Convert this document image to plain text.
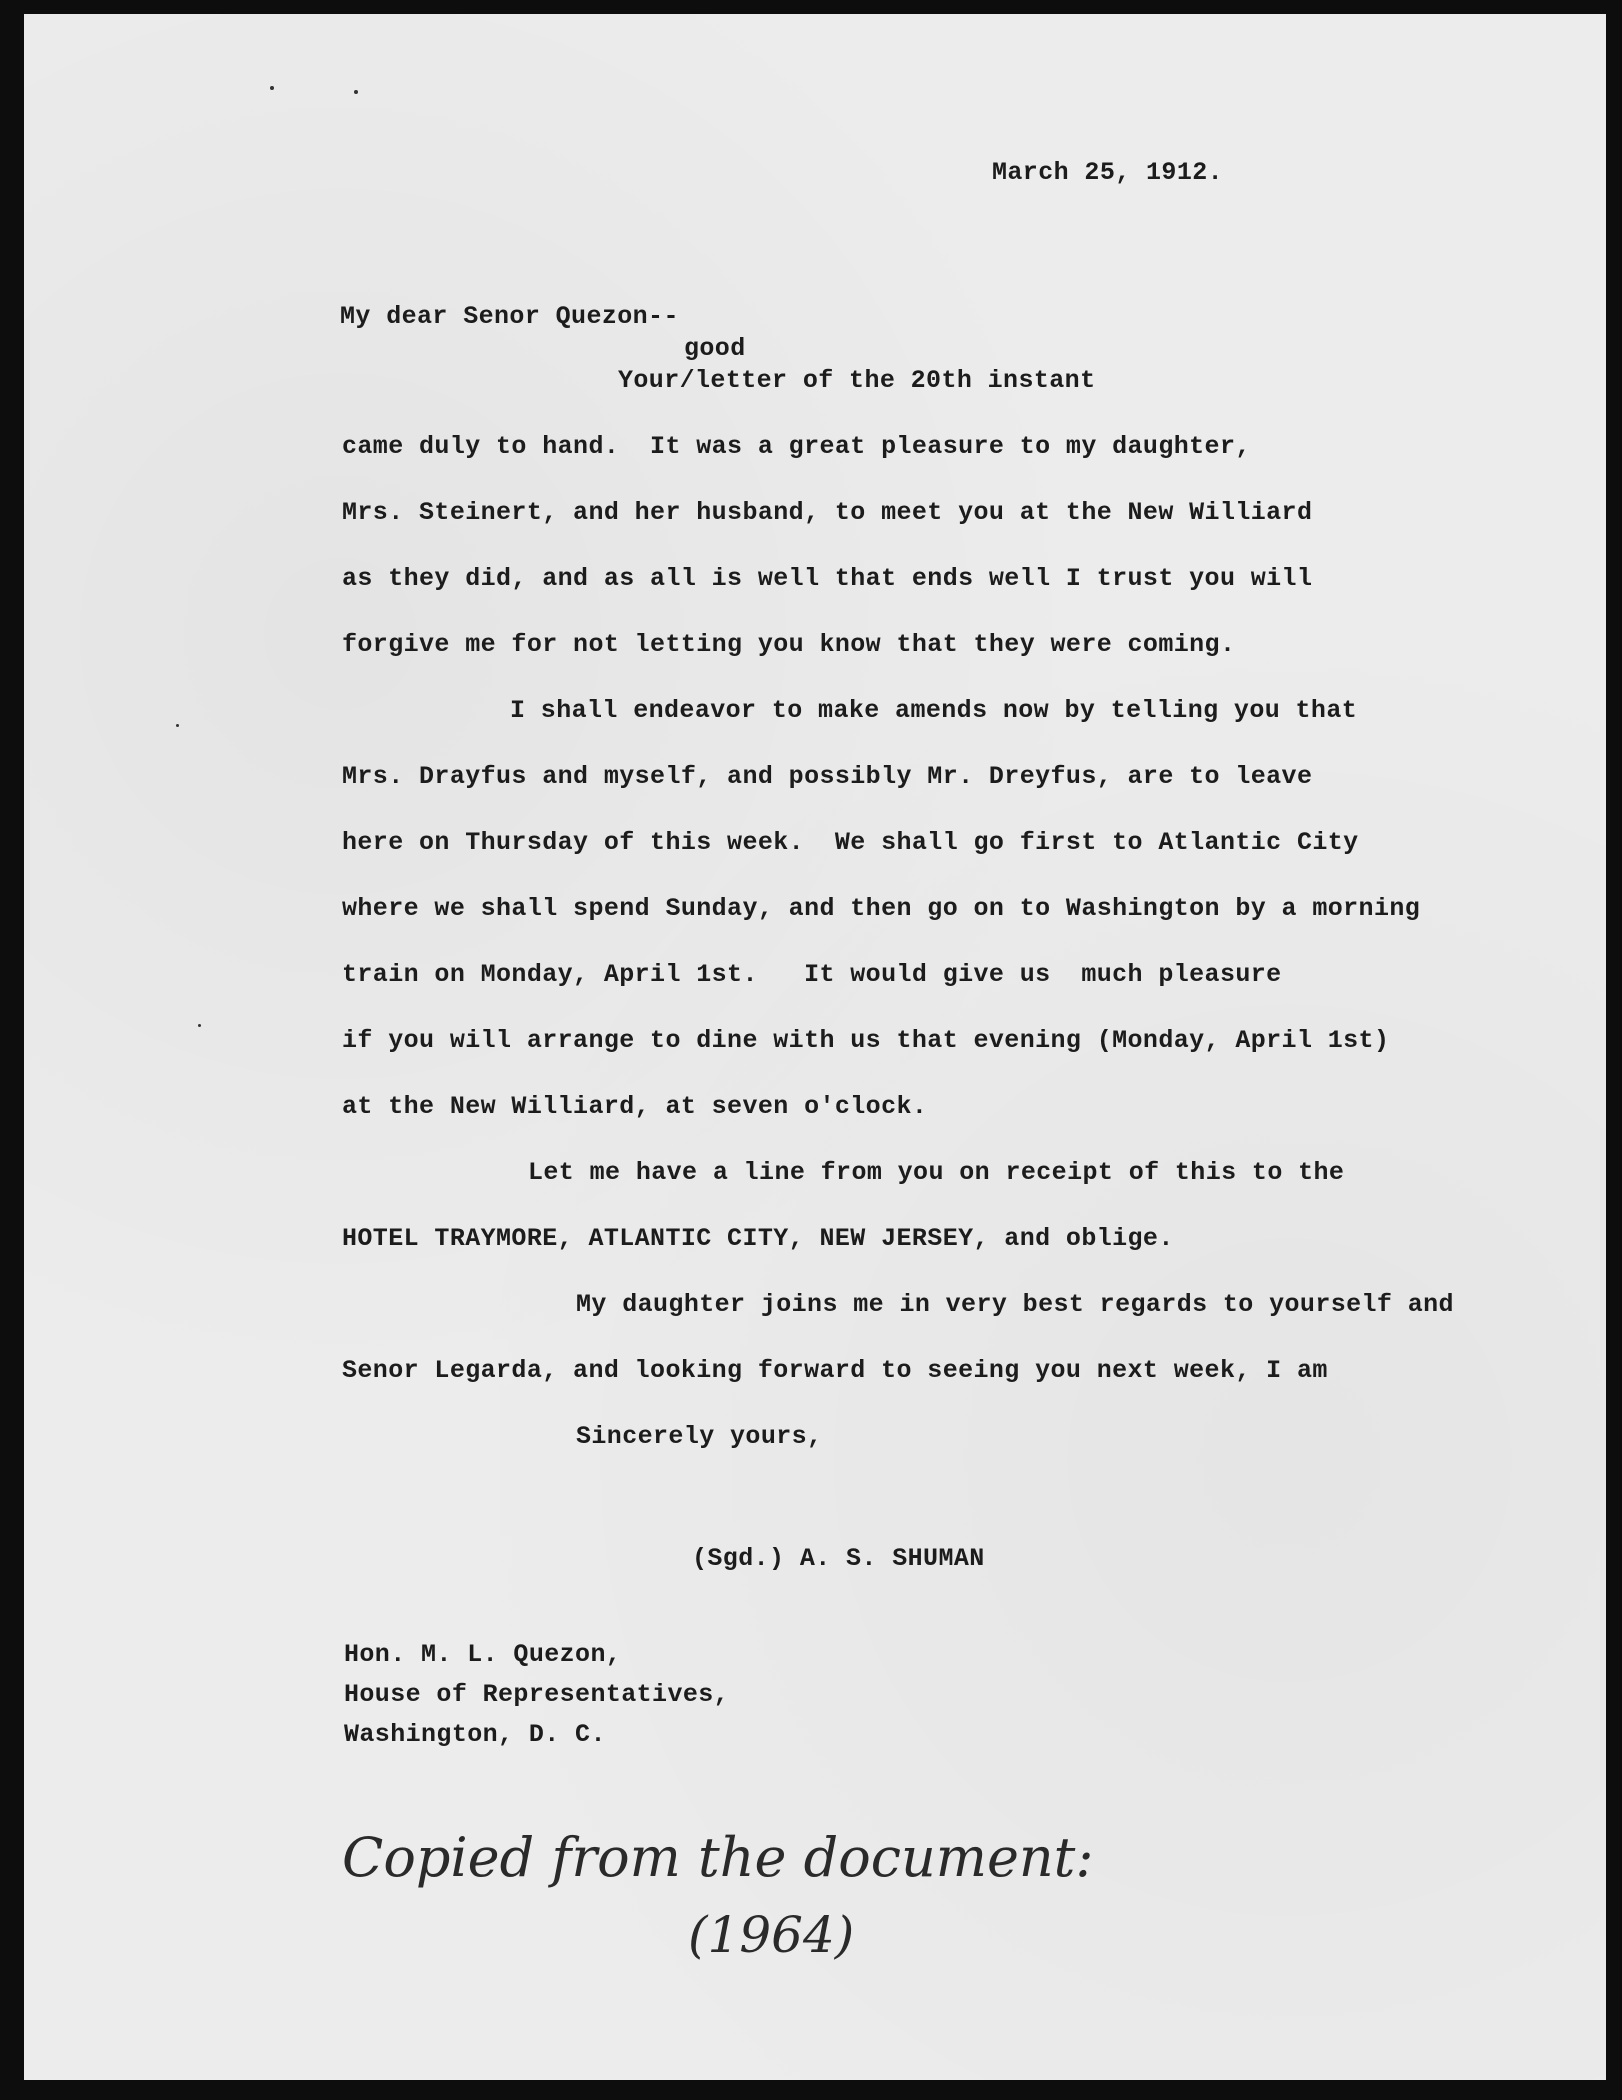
March 25, 1912.
My dear Senor Quezon--
good
Your/letter of the 20th instant
came duly to hand.  It was a great pleasure to my daughter,
Mrs. Steinert, and her husband, to meet you at the New Williard
as they did, and as all is well that ends well I trust you will
forgive me for not letting you know that they were coming.
I shall endeavor to make amends now by telling you that
Mrs. Drayfus and myself, and possibly Mr. Dreyfus, are to leave
here on Thursday of this week.  We shall go first to Atlantic City
where we shall spend Sunday, and then go on to Washington by a morning
train on Monday, April 1st.   It would give us  much pleasure
if you will arrange to dine with us that evening (Monday, April 1st)
at the New Williard, at seven o'clock.
Let me have a line from you on receipt of this to the
HOTEL TRAYMORE, ATLANTIC CITY, NEW JERSEY, and oblige.
My daughter joins me in very best regards to yourself and
Senor Legarda, and looking forward to seeing you next week, I am
Sincerely yours,
(Sgd.) A. S. SHUMAN
Hon. M. L. Quezon,
House of Representatives,
Washington, D. C.
Copied from the document:
(1964)
